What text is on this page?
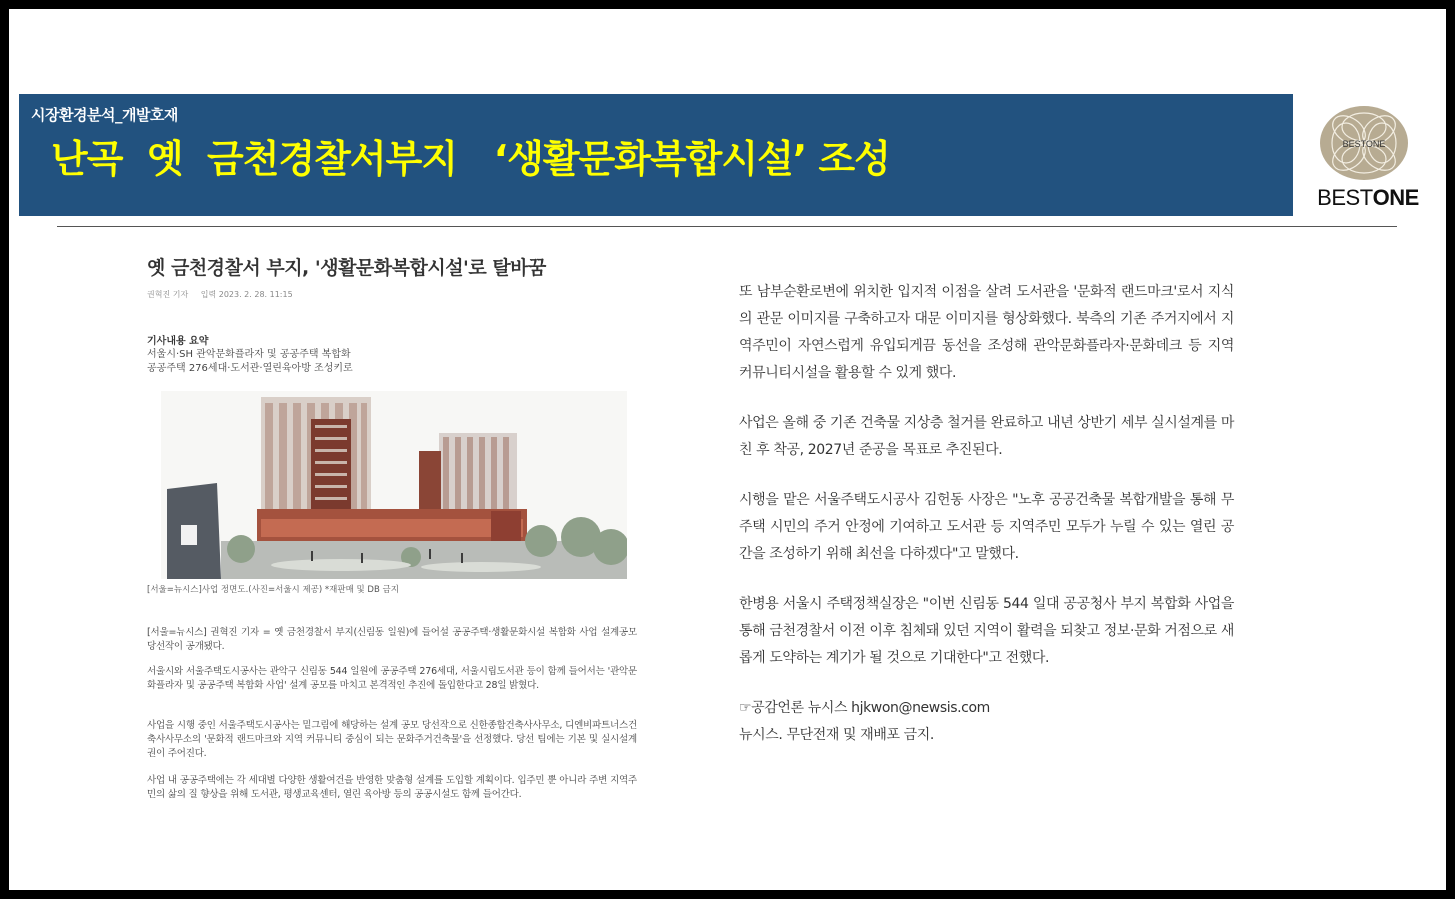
시장환경분석_개발호재
난곡  옛  금천경찰서부지   ‘생활문화복합시설’ 조성	BESTONE
BESTONE
옛 금천경찰서 부지, '생활문화복합시설'로 탈바꿈
권혁진 기자 입력 2023. 2. 28. 11:15
기사내용 요약
서울시·SH 관악문화플라자 및 공공주택 복합화
공공주택 276세대·도서관·열린육아방 조성키로
[서울=뉴시스]사업 정면도.(사진=서울시 제공) *재판매 및 DB 금지
[서울=뉴시스] 권혁진 기자 = 옛 금천경찰서 부지(신림동 일원)에 들어설 공공주택·생활문화시설 복합화 사업 설계공모 당선작이 공개됐다.
서울시와 서울주택도시공사는 관악구 신림동 544 일원에 공공주택 276세대, 서울시립도서관 등이 함께 들어서는 '관악문화플라자 및 공공주택 복합화 사업' 설계 공모를 마치고 본격적인 추진에 돌입한다고 28일 밝혔다.
사업을 시행 중인 서울주택도시공사는 밑그림에 해당하는 설계 공모 당선작으로 신한종합건축사사무소, 디엔비파트너스건축사사무소의 '문화적 랜드마크와 지역 커뮤니티 중심이 되는 문화주거건축물'을 선정했다. 당선 팀에는 기본 및 실시설계권이 주어진다.
사업 내 공공주택에는 각 세대별 다양한 생활여건을 반영한 맞춤형 설계를 도입할 계획이다. 입주민 뿐 아니라 주변 지역주민의 삶의 질 향상을 위해 도서관, 평생교육센터, 열린 육아방 등의 공공시설도 함께 들어간다.

또 남부순환로변에 위치한 입지적 이점을 살려 도서관을 '문화적 랜드마크'로서 지식의 관문 이미지를 구축하고자 대문 이미지를 형상화했다. 북측의 기존 주거지에서 지역주민이 자연스럽게 유입되게끔 동선을 조성해 관악문화플라자·문화데크 등 지역 커뮤니티시설을 활용할 수 있게 했다.

사업은 올해 중 기존 건축물 지상층 철거를 완료하고 내년 상반기 세부 실시설계를 마친 후 착공, 2027년 준공을 목표로 추진된다.

시행을 맡은 서울주택도시공사 김헌동 사장은 "노후 공공건축물 복합개발을 통해 무주택 시민의 주거 안정에 기여하고 도서관 등 지역주민 모두가 누릴 수 있는 열린 공간을 조성하기 위해 최선을 다하겠다"고 말했다.

한병용 서울시 주택정책실장은 "이번 신림동 544 일대 공공청사 부지 복합화 사업을 통해 금천경찰서 이전 이후 침체돼 있던 지역이 활력을 되찾고 정보·문화 거점으로 새롭게 도약하는 계기가 될 것으로 기대한다"고 전했다.

☞공감언론 뉴시스 hjkwon@newsis.com

뉴시스. 무단전재 및 재배포 금지.
